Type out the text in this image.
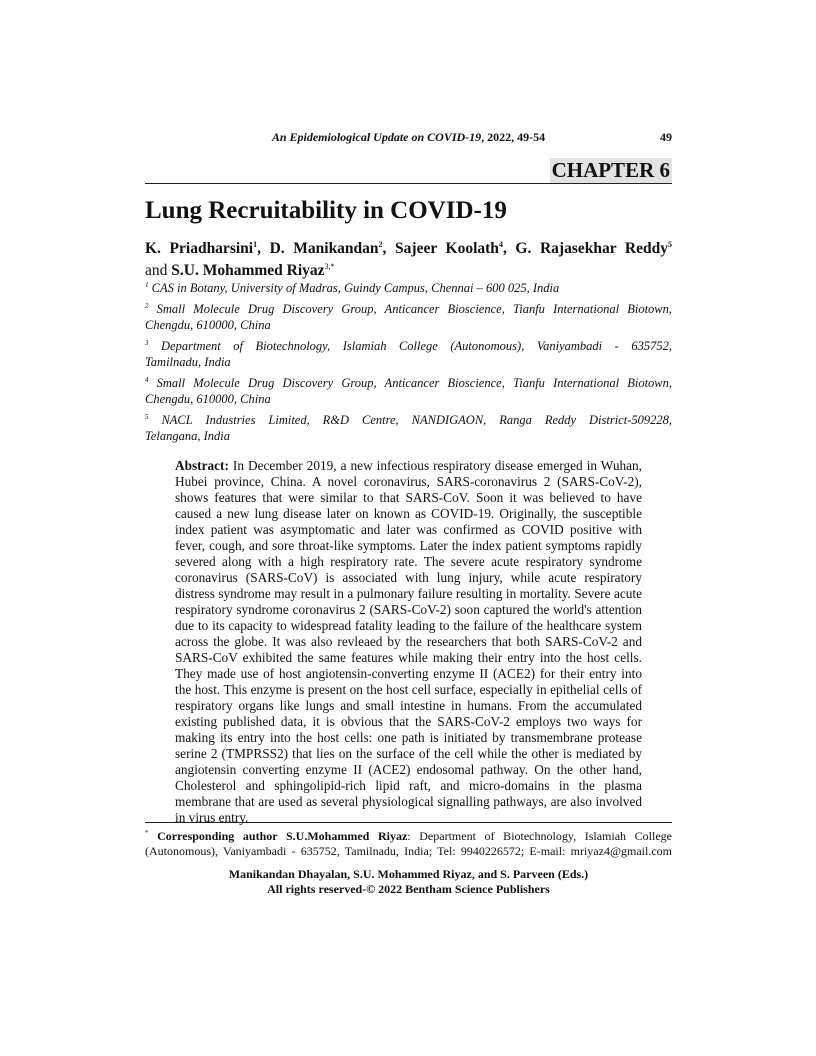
An Epidemiological Update on COVID-19, 2022, 49-54	49
CHAPTER 6
Lung Recruitability in COVID-19
K. Priadharsini$^1$, D. Manikandan$^2$, Sajeer Koolath$^4$, G. Rajasekhar Reddy$^5$
and S.U. Mohammed Riyaz$^{3,*}$
$^1$ CAS in Botany, University of Madras, Guindy Campus, Chennai – 600 025, India
$^2$ Small Molecule Drug Discovery Group, Anticancer Bioscience, Tianfu International Biotown,
Chengdu, 610000, China
$^3$ Department of Biotechnology, Islamiah College (Autonomous), Vaniyambadi - 635752,
Tamilnadu, India
$^4$ Small Molecule Drug Discovery Group, Anticancer Bioscience, Tianfu International Biotown,
Chengdu, 610000, China
$^5$ NACL Industries Limited, R&D Centre, NANDIGAON, Ranga Reddy District-509228,
Telangana, India
Abstract: In December 2019, a new infectious respiratory disease emerged in Wuhan,
Hubei province, China. A novel coronavirus, SARS-coronavirus 2 (SARS-CoV-2),
shows features that were similar to that SARS-CoV. Soon it was believed to have
caused a new lung disease later on known as COVID-19. Originally, the susceptible
index patient was asymptomatic and later was confirmed as COVID positive with
fever, cough, and sore throat-like symptoms. Later the index patient symptoms rapidly
severed along with a high respiratory rate. The severe acute respiratory syndrome
coronavirus (SARS-CoV) is associated with lung injury, while acute respiratory
distress syndrome may result in a pulmonary failure resulting in mortality. Severe acute
respiratory syndrome coronavirus 2 (SARS-CoV-2) soon captured the world's attention
due to its capacity to widespread fatality leading to the failure of the healthcare system
across the globe. It was also revleaed by the researchers that both SARS-CoV-2 and
SARS-CoV exhibited the same features while making their entry into the host cells.
They made use of host angiotensin-converting enzyme II (ACE2) for their entry into
the host. This enzyme is present on the host cell surface, especially in epithelial cells of
respiratory organs like lungs and small intestine in humans. From the accumulated
existing published data, it is obvious that the SARS-CoV-2 employs two ways for
making its entry into the host cells: one path is initiated by transmembrane protease
serine 2 (TMPRSS2) that lies on the surface of the cell while the other is mediated by
angiotensin converting enzyme II (ACE2) endosomal pathway. On the other hand,
Cholesterol and sphingolipid-rich lipid raft, and micro-domains in the plasma
membrane that are used as several physiological signalling pathways, are also involved
in virus entry.
* Corresponding author S.U.Mohammed Riyaz: Department of Biotechnology, Islamiah College
(Autonomous), Vaniyambadi - 635752, Tamilnadu, India; Tel: 9940226572; E-mail: mriyaz4@gmail.com
Manikandan Dhayalan, S.U. Mohammed Riyaz, and S. Parveen (Eds.)
All rights reserved-© 2022 Bentham Science Publishers
